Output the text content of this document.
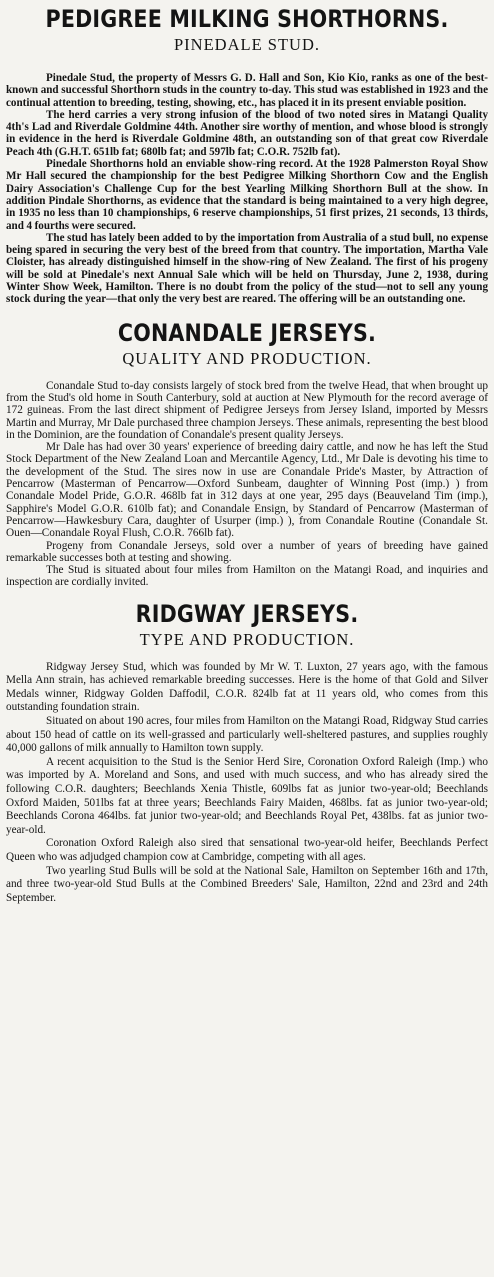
PEDIGREE MILKING SHORTHORNS.
PINEDALE STUD.

Pinedale Stud, the property of Messrs G. D. Hall and Son, Kio Kio, ranks as one of the best-known and successful Shorthorn studs in the country to-day. This stud was established in 1923 and the continual attention to breeding, testing, showing, etc., has placed it in its present enviable position.

The herd carries a very strong infusion of the blood of two noted sires in Matangi Quality 4th's Lad and Riverdale Goldmine 44th. Another sire worthy of mention, and whose blood is strongly in evidence in the herd is Riverdale Goldmine 48th, an outstanding son of that great cow Riverdale Peach 4th (G.H.T. 651lb fat; 680lb fat; and 597lb fat; C.O.R. 752lb fat).

Pinedale Shorthorns hold an enviable show-ring record. At the 1928 Palmerston Royal Show Mr Hall secured the championship for the best Pedigree Milking Shorthorn Cow and the English Dairy Association's Challenge Cup for the best Yearling Milking Shorthorn Bull at the show. In addition Pindale Shorthorns, as evidence that the standard is being maintained to a very high degree, in 1935 no less than 10 championships, 6 reserve championships, 51 first prizes, 21 seconds, 13 thirds, and 4 fourths were secured.

The stud has lately been added to by the importation from Australia of a stud bull, no expense being spared in securing the very best of the breed from that country. The importation, Martha Vale Cloister, has already distinguished himself in the show-ring of New Zealand. The first of his progeny will be sold at Pinedale's next Annual Sale which will be held on Thursday, June 2, 1938, during Winter Show Week, Hamilton. There is no doubt from the policy of the stud—not to sell any young stock during the year—that only the very best are reared. The offering will be an outstanding one.

CONANDALE JERSEYS.
QUALITY AND PRODUCTION.

Conandale Stud to-day consists largely of stock bred from the twelve Head, that when brought up from the Stud's old home in South Canterbury, sold at auction at New Plymouth for the record average of 172 guineas. From the last direct shipment of Pedigree Jerseys from Jersey Island, imported by Messrs Martin and Murray, Mr Dale purchased three champion Jerseys. These animals, representing the best blood in the Dominion, are the foundation of Conandale's present quality Jerseys.

Mr Dale has had over 30 years' experience of breeding dairy cattle, and now he has left the Stud Stock Department of the New Zealand Loan and Mercantile Agency, Ltd., Mr Dale is devoting his time to the development of the Stud. The sires now in use are Conandale Pride's Master, by Attraction of Pencarrow (Masterman of Pencarrow—Oxford Sunbeam, daughter of Winning Post (imp.) ) from Conandale Model Pride, G.O.R. 468lb fat in 312 days at one year, 295 days (Beauveland Tim (imp.), Sapphire's Model G.O.R. 610lb fat); and Conandale Ensign, by Standard of Pencarrow (Masterman of Pencarrow—Hawkesbury Cara, daughter of Usurper (imp.) ), from Conandale Routine (Conandale St. Ouen—Conandale Royal Flush, C.O.R. 766lb fat).

Progeny from Conandale Jerseys, sold over a number of years of breeding have gained remarkable successes both at testing and showing.

The Stud is situated about four miles from Hamilton on the Matangi Road, and inquiries and inspection are cordially invited.

RIDGWAY JERSEYS.
TYPE AND PRODUCTION.

Ridgway Jersey Stud, which was founded by Mr W. T. Luxton, 27 years ago, with the famous Mella Ann strain, has achieved remarkable breeding successes. Here is the home of that Gold and Silver Medals winner, Ridgway Golden Daffodil, C.O.R. 824lb fat at 11 years old, who comes from this outstanding foundation strain.

Situated on about 190 acres, four miles from Hamilton on the Matangi Road, Ridgway Stud carries about 150 head of cattle on its well-grassed and particularly well-sheltered pastures, and supplies roughly 40,000 gallons of milk annually to Hamilton town supply.

A recent acquisition to the Stud is the Senior Herd Sire, Coronation Oxford Raleigh (Imp.) who was imported by A. Moreland and Sons, and used with much success, and who has already sired the following C.O.R. daughters; Beechlands Xenia Thistle, 609lbs fat as junior two-year-old; Beechlands Oxford Maiden, 501lbs fat at three years; Beechlands Fairy Maiden, 468lbs. fat as junior two-year-old; Beechlands Corona 464lbs. fat junior two-year-old; and Beechlands Royal Pet, 438lbs. fat as junior two-year-old.

Coronation Oxford Raleigh also sired that sensational two-year-old heifer, Beechlands Perfect Queen who was adjudged champion cow at Cambridge, competing with all ages.

Two yearling Stud Bulls will be sold at the National Sale, Hamilton on September 16th and 17th, and three two-year-old Stud Bulls at the Combined Breeders' Sale, Hamilton, 22nd and 23rd and 24th September.
